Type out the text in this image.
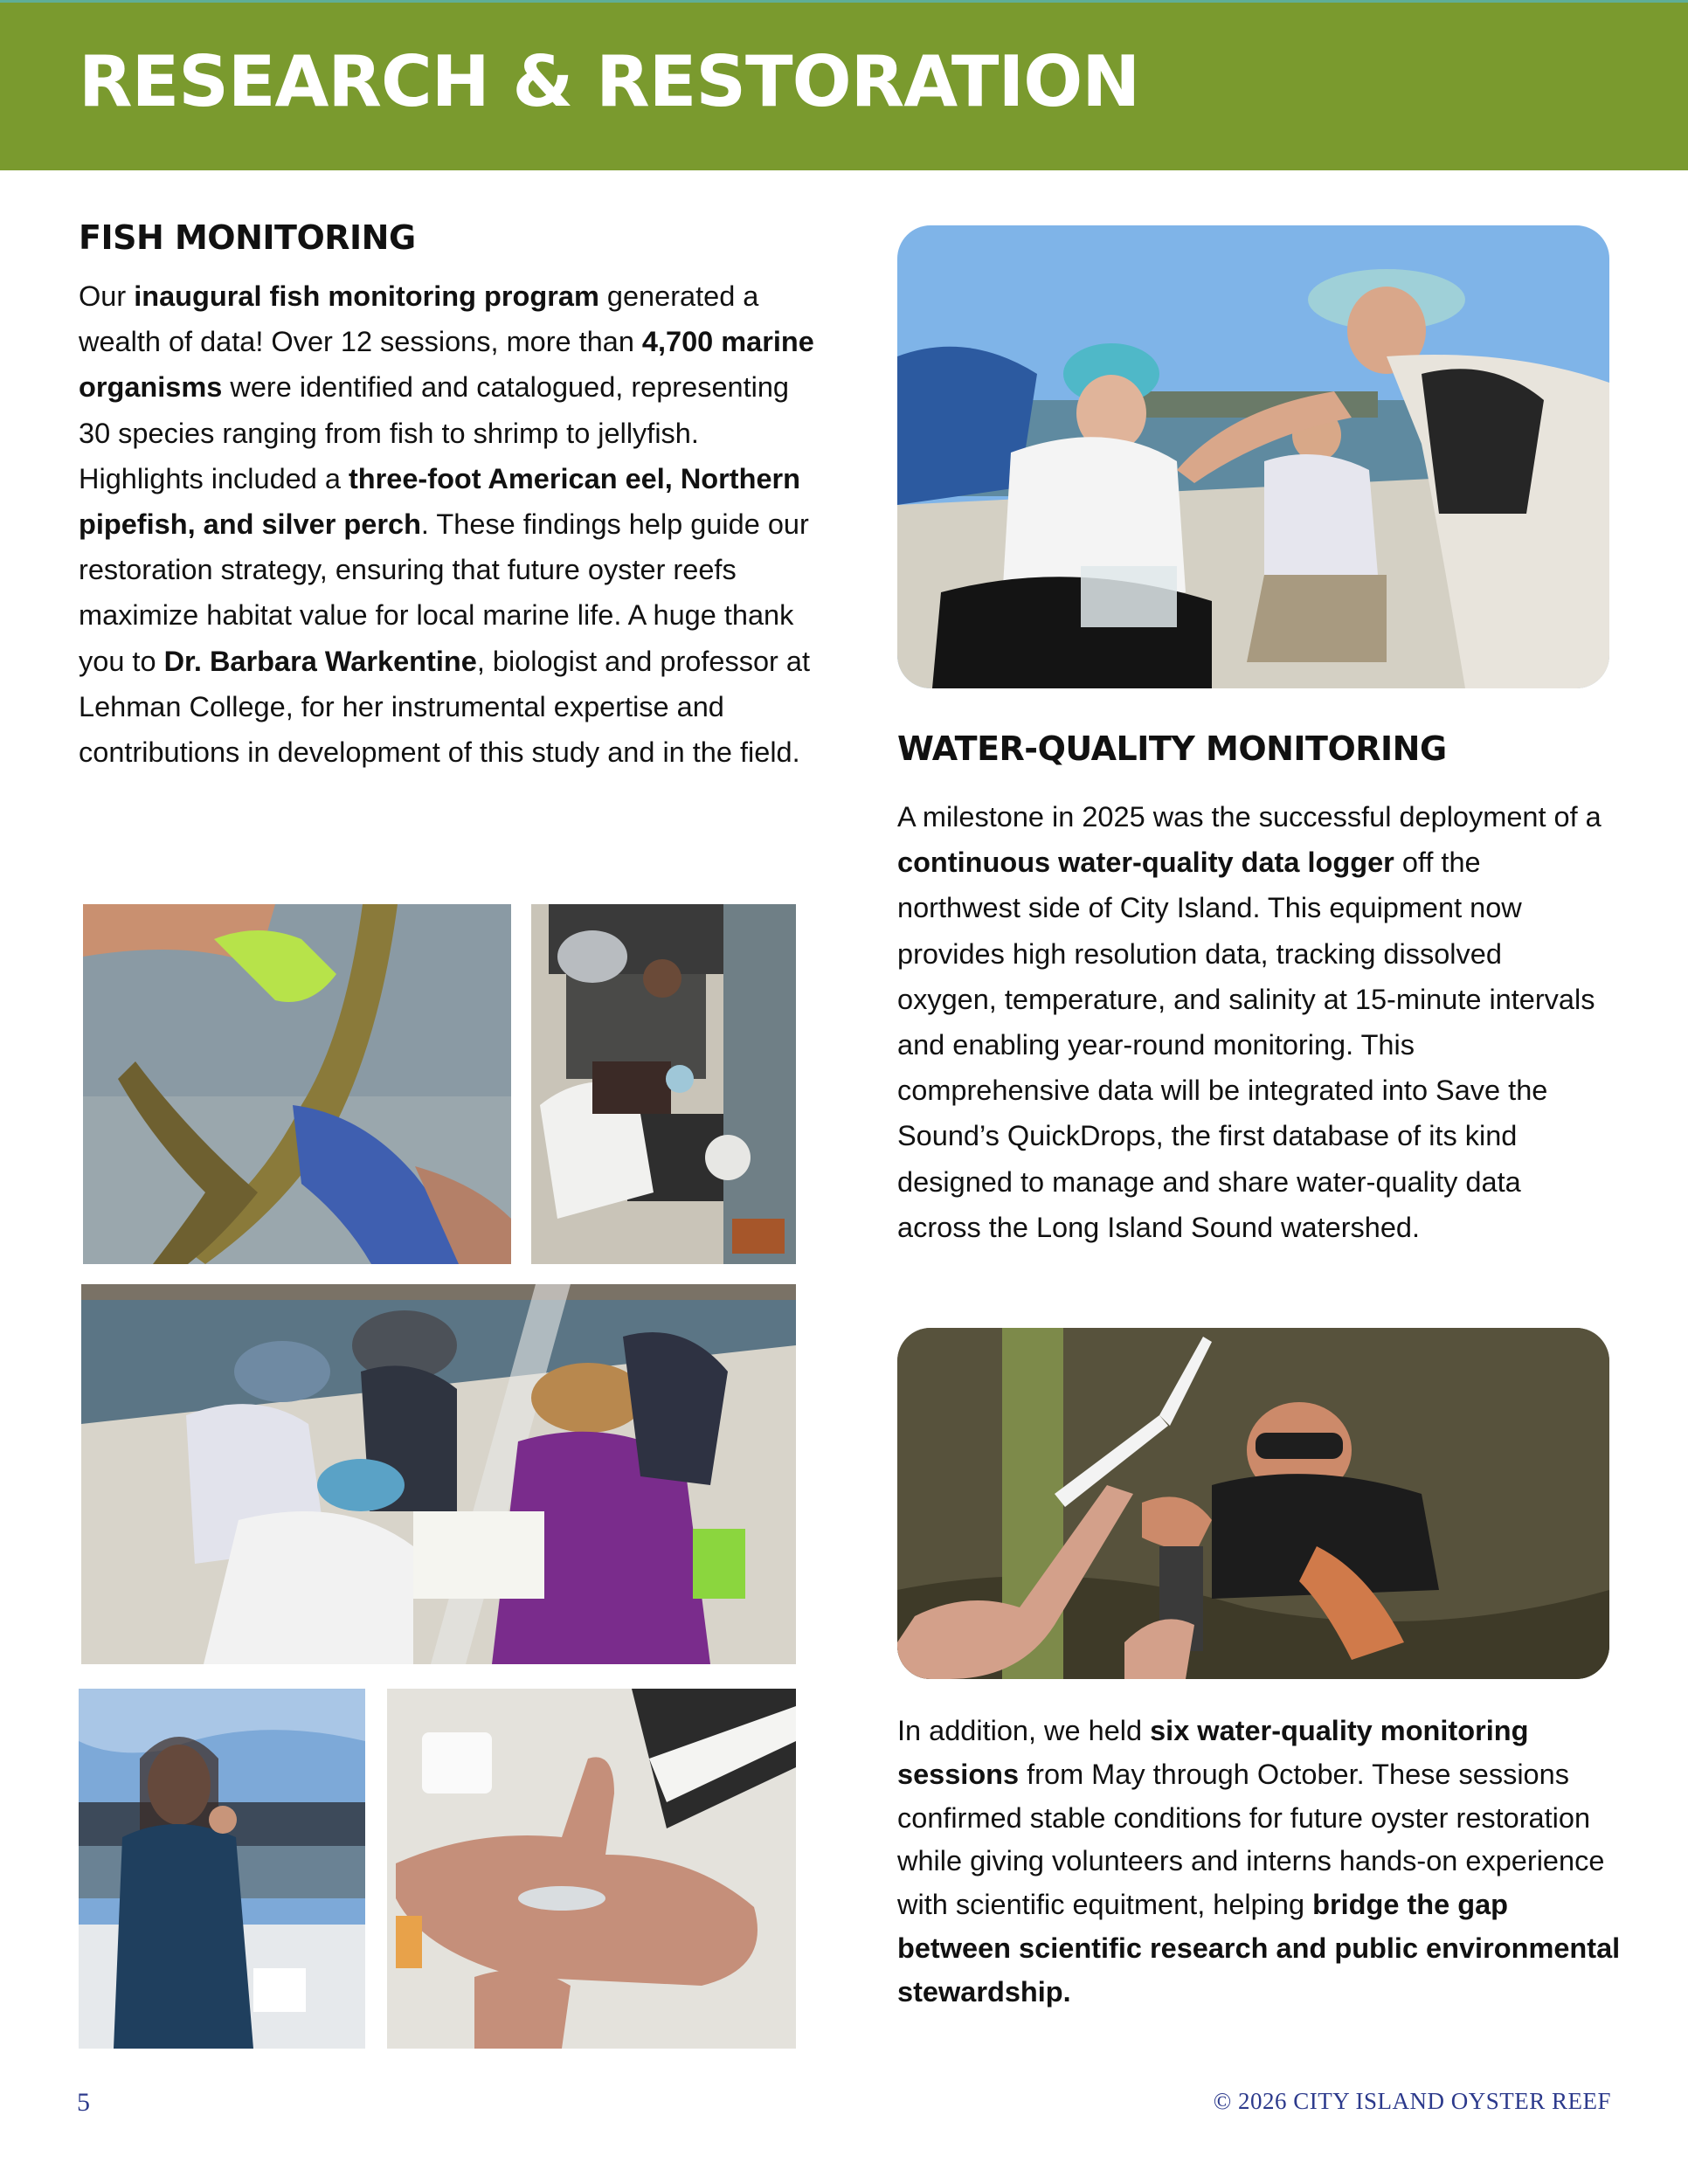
RESEARCH & RESTORATION
FISH MONITORING

Our inaugural fish monitoring program generated a wealth of data! Over 12 sessions, more than 4,700 marine organisms were identified and catalogued, representing 30 species ranging from fish to shrimp to jellyfish. Highlights included a three-foot American eel, Northern pipefish, and silver perch. These findings help guide our restoration strategy, ensuring that future oyster reefs maximize habitat value for local marine life. A huge thank you to Dr. Barbara Warkentine, biologist and professor at Lehman College, for her instrumental expertise and contributions in development of this study and in the field.	WATER-QUALITY MONITORING

A milestone in 2025 was the successful deployment of a continuous water-quality data logger off the northwest side of City Island. This equipment now provides high resolution data, tracking dissolved oxygen, temperature, and salinity at 15-minute intervals and enabling year-round monitoring. This comprehensive data will be integrated into Save the Sound’s QuickDrops, the first database of its kind designed to manage and share water-quality data across the Long Island Sound watershed.

In addition, we held six water-quality monitoring sessions from May through October. These sessions confirmed stable conditions for future oyster restoration while giving volunteers and interns hands-on experience with scientific equitment, helping bridge the gap between scientific research and public environmental stewardship.

5	© 2026 CITY ISLAND OYSTER REEF
